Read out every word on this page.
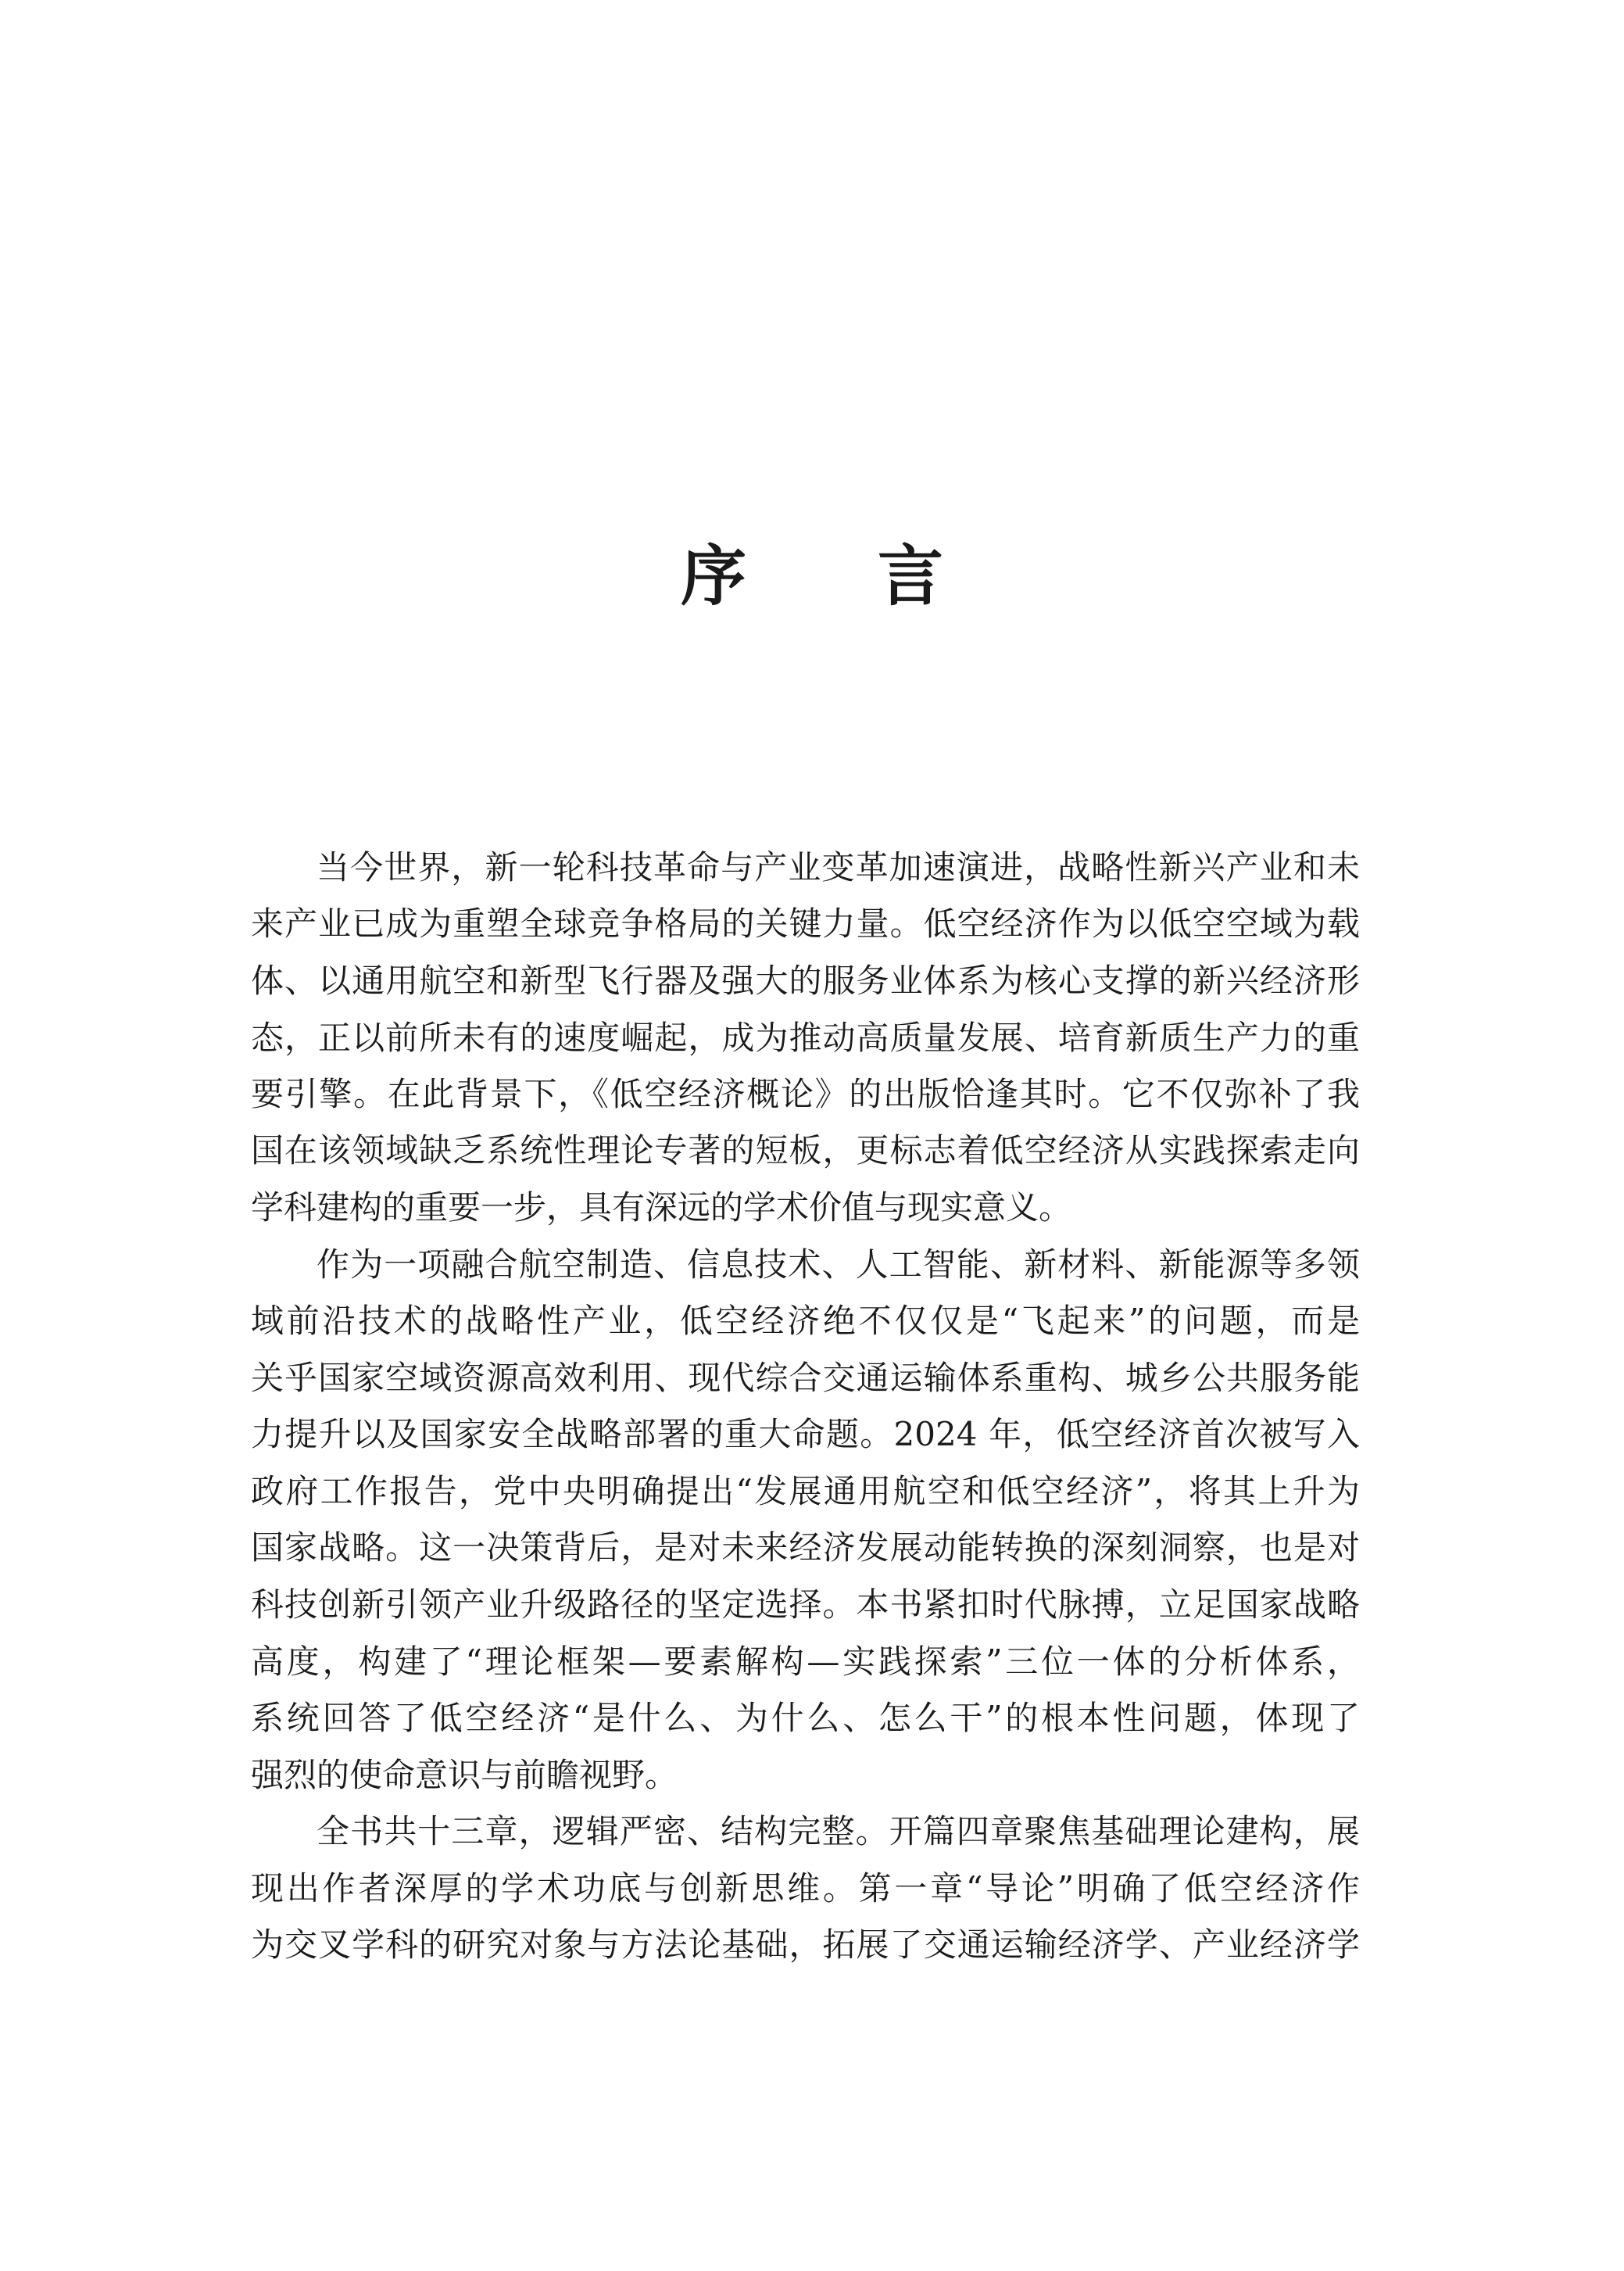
序 言
当今世界，新一轮科技革命与产业变革加速演进，战略性新兴产业和未
来产业已成为重塑全球竞争格局的关键力量。低空经济作为以低空空域为载
体、以通用航空和新型飞行器及强大的服务业体系为核心支撑的新兴经济形
态，正以前所未有的速度崛起，成为推动高质量发展、培育新质生产力的重
要引擎。在此背景下，《低空经济概论》的出版恰逢其时。它不仅弥补了我
国在该领域缺乏系统性理论专著的短板，更标志着低空经济从实践探索走向
学科建构的重要一步，具有深远的学术价值与现实意义。
作为一项融合航空制造、信息技术、人工智能、新材料、新能源等多领
域前沿技术的战略性产业，低空经济绝不仅仅是“飞起来”的问题，而是
关乎国家空域资源高效利用、现代综合交通运输体系重构、城乡公共服务能
力提升以及国家安全战略部署的重大命题。2024 年，低空经济首次被写入
政府工作报告，党中央明确提出“发展通用航空和低空经济”，将其上升为
国家战略。这一决策背后，是对未来经济发展动能转换的深刻洞察，也是对
科技创新引领产业升级路径的坚定选择。本书紧扣时代脉搏，立足国家战略
高度，构建了“理论框架—要素解构—实践探索”三位一体的分析体系，
系统回答了低空经济“是什么、为什么、怎么干”的根本性问题，体现了
强烈的使命意识与前瞻视野。
全书共十三章，逻辑严密、结构完整。开篇四章聚焦基础理论建构，展
现出作者深厚的学术功底与创新思维。第一章“导论”明确了低空经济作
为交叉学科的研究对象与方法论基础，拓展了交通运输经济学、产业经济学
